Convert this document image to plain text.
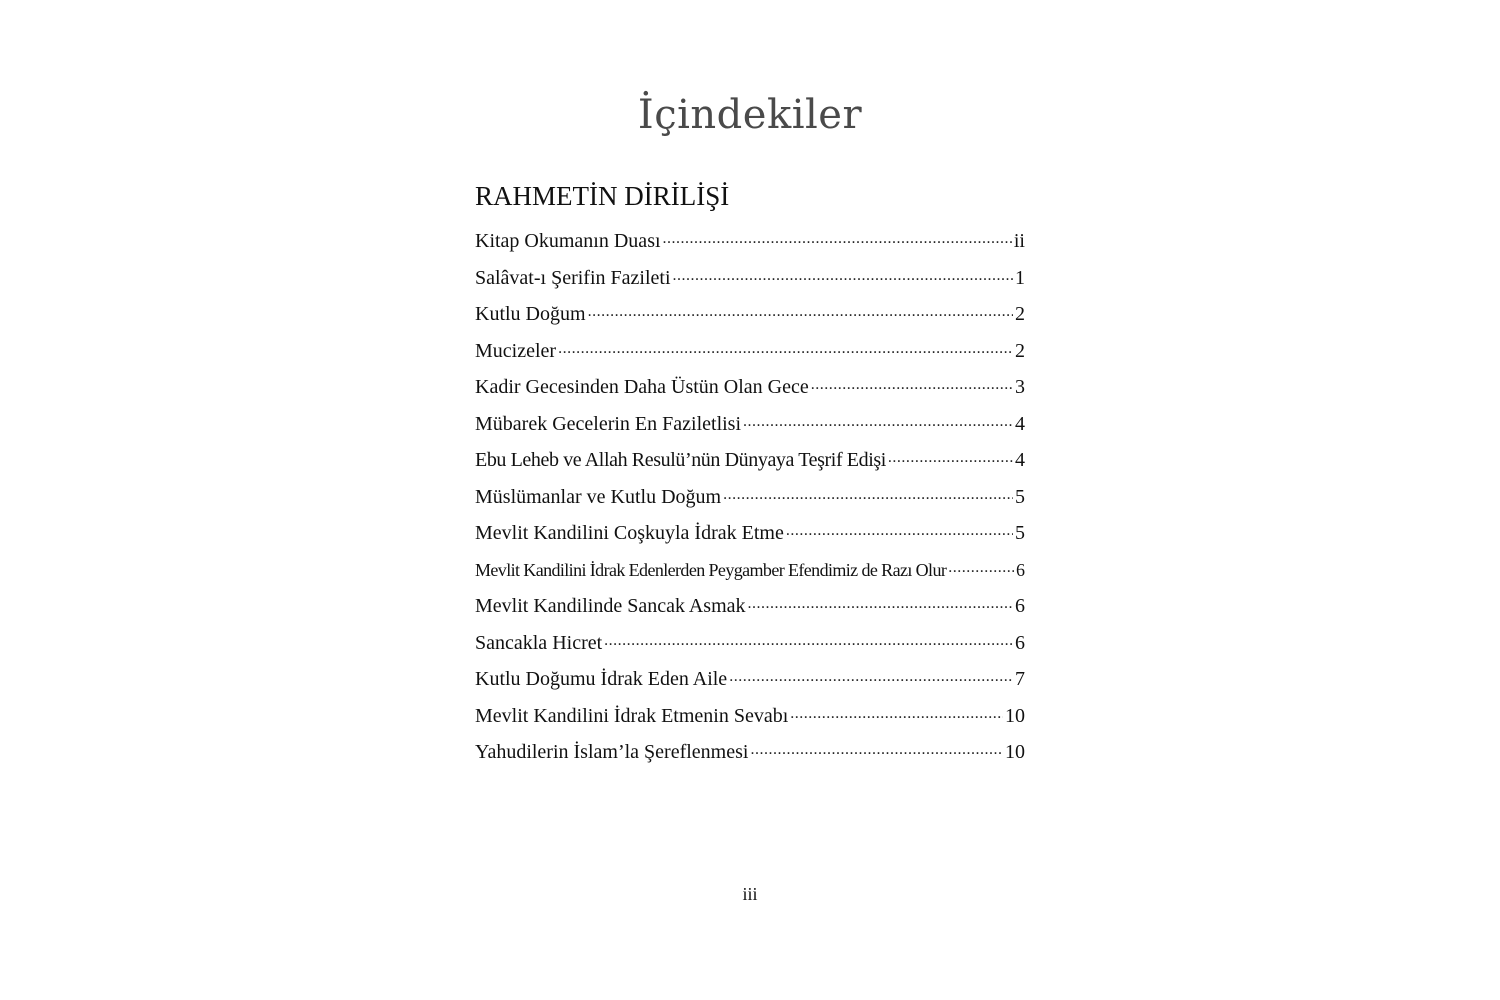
İçindekiler
RAHMETİN DİRİLİŞİ
Kitap Okumanın Duası .....	ii
Salâvat-ı Şerifin Fazileti .....	1
Kutlu Doğum .....	2
Mucizeler .....	2
Kadir Gecesinden Daha Üstün Olan Gece .....	3
Mübarek Gecelerin En Faziletlisi .....	4
Ebu Leheb ve Allah Resulü’nün Dünyaya Teşrif Edişi .....	4
Müslümanlar ve Kutlu Doğum .....	5
Mevlit Kandilini Coşkuyla İdrak Etme .....	5
Mevlit Kandilini İdrak Edenlerden Peygamber Efendimiz de Razı Olur .....	6
Mevlit Kandilinde Sancak Asmak .....	6
Sancakla Hicret .....	6
Kutlu Doğumu İdrak Eden Aile .....	7
Mevlit Kandilini İdrak Etmenin Sevabı .....	10
Yahudilerin İslam’la Şereflenmesi .....	10
iii
